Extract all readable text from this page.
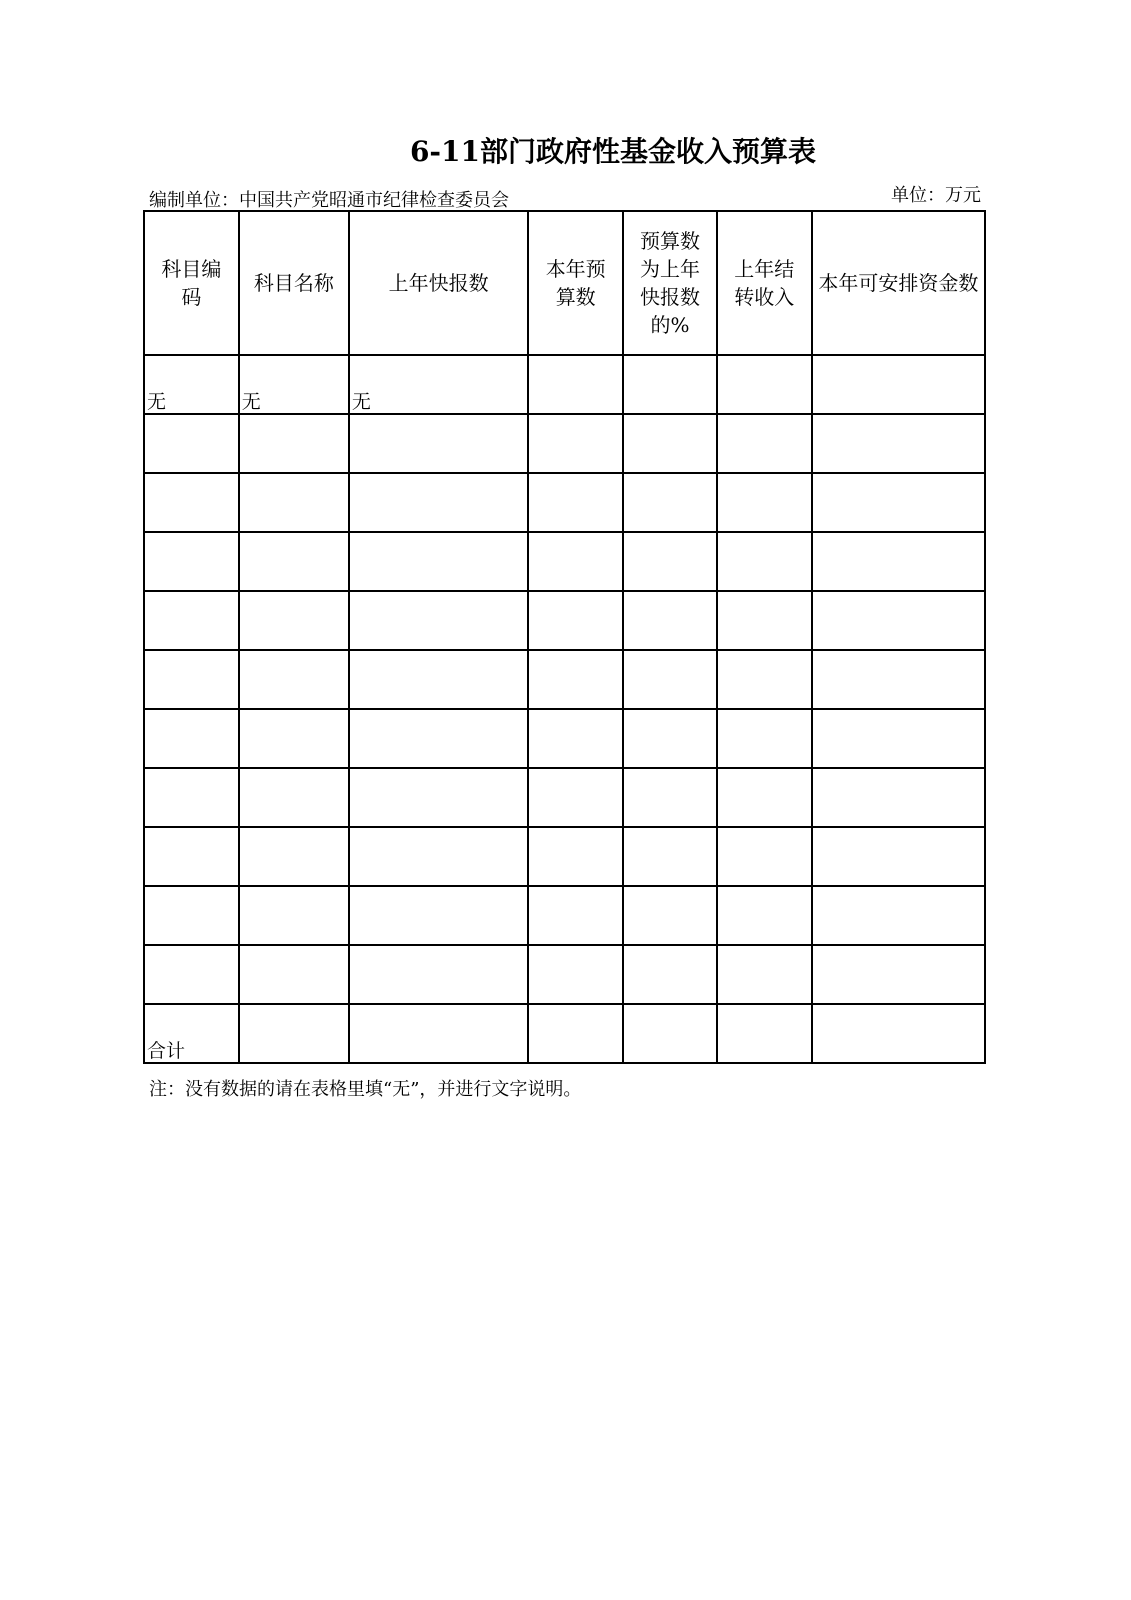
6-11部门政府性基金收入预算表
编制单位：中国共产党昭通市纪律检查委员会	单位：万元
科目编码	科目名称	上年快报数	本年预算数	预算数为上年快报数的%	上年结转收入	本年可安排资金数

无	无	无				

合计						
注：没有数据的请在表格里填“无”，并进行文字说明。
